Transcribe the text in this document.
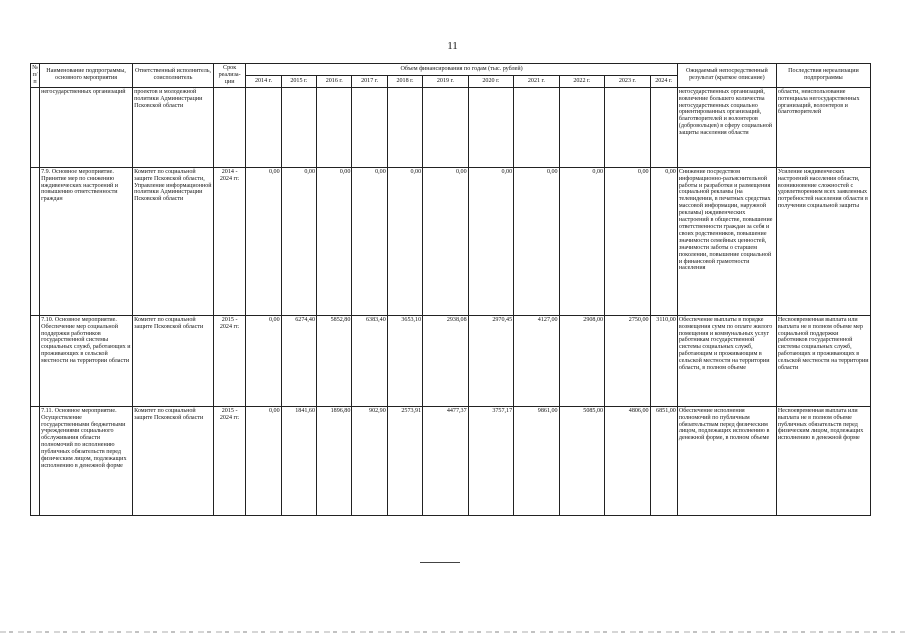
11
№ п/п	Наименование подпрограммы, основного мероприятия	Ответственный исполнитель, соисполнитель	Срок реализа-ции	Объем финансирования по годам (тыс. рублей)											Ожидаемый непосредственный результат (краткое описание)	Последствия нереализации подпрограммы
				2014 г.	2015 г.	2016 г.	2017 г.	2018 г.	2019 г.	2020 г.	2021 г.	2022 г.	2023 г.	2024 г.		
	негосударственных организаций	проектов и молодежной политики Администрации Псковской области													негосударственных организаций, вовлечение большего количества негосударственных социально ориентированных организаций, благотворителей и волонтеров (добровольцев) в сферу социальной защиты населения области	области, неиспользование потенциала негосударственных организаций, волонтеров и благотворителей
	7.9. Основное мероприятие. Принятие мер по снижению иждивенческих настроений и повышению ответственности граждан	Комитет по социальной защите Псковской области, Управление информационной политики Администрации Псковской области	2014 - 2024 гг.	0,00	0,00	0,00	0,00	0,00	0,00	0,00	0,00	0,00	0,00	0,00	Снижение посредством информационно-разъяснительной работы и разработки и размещения социальной рекламы (на телевидении, в печатных средствах массовой информации, наружной рекламы) иждивенческих настроений в обществе, повышение ответственности граждан за себя и своих родственников, повышение значимости семейных ценностей, значимости заботы о старшем поколении, повышение социальной и финансовой грамотности населения	Усиление иждивенческих настроений населения области, возникновение сложностей с удовлетворением всех заявленных потребностей населения области в получении социальной защиты
	7.10. Основное мероприятие. Обеспечение мер социальной поддержки работников государственной системы социальных служб, работающих и проживающих в сельской местности на территории области	Комитет по социальной защите Псковской области	2015 - 2024 гг.	0,00	6274,40	5852,80	6383,40	3653,10	2938,08	2970,45	4127,00	2908,00	2750,00	3110,00	Обеспечение выплаты в порядке возмещения сумм по оплате жилого помещения и коммунальных услуг работникам государственной системы социальных служб, работающим и проживающим в сельской местности на территории области, в полном объеме	Несвоевременная выплата или выплата не в полном объеме мер социальной поддержки работников государственной системы социальных служб, работающих и проживающих в сельской местности на территории области
	7.11. Основное мероприятие. Осуществление государственными бюджетными учреждениями социального обслуживания области полномочий по исполнению публичных обязательств перед физическим лицом, подлежащих исполнению в денежной форме	Комитет по социальной защите Псковской области	2015 - 2024 гг.	0,00	1841,60	1896,80	902,90	2573,91	4477,37	3757,17	9861,00	5085,00	4806,00	6851,00	Обеспечение исполнения полномочий по публичным обязательствам перед физическим лицом, подлежащих исполнению в денежной форме, в полном объеме	Несвоевременная выплата или выплата не в полном объеме публичных обязательств перед физическим лицом, подлежащих исполнению в денежной форме
